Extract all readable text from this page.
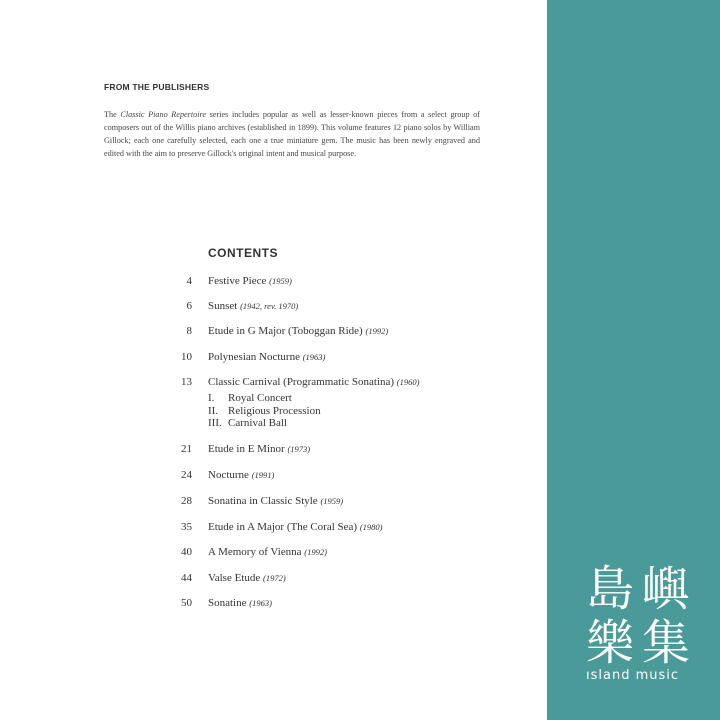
FROM THE PUBLISHERS
The Classic Piano Repertoire series includes popular as well as lesser-known pieces from a select group of composers out of the Willis piano archives (established in 1899). This volume features 12 piano solos by William Gillock; each one carefully selected, each one a true miniature gem. The music has been newly engraved and edited with the aim to preserve Gillock's original intent and musical purpose.
CONTENTS
4 Festive Piece (1959)
6 Sunset (1942, rev. 1970)
8 Etude in G Major (Toboggan Ride) (1992)
10 Polynesian Nocturne (1963)
13 Classic Carnival (Programmatic Sonatina) (1960)
21 Etude in E Minor (1973)
24 Nocturne (1991)
28 Sonatina in Classic Style (1959)
35 Etude in A Major (The Coral Sea) (1980)
40 A Memory of Vienna (1992)
44 Valse Etude (1972)
50 Sonatine (1963)
I. Royal Concert
II. Religious Procession
III. Carnival Ball
島嶼
樂集
ısland music
